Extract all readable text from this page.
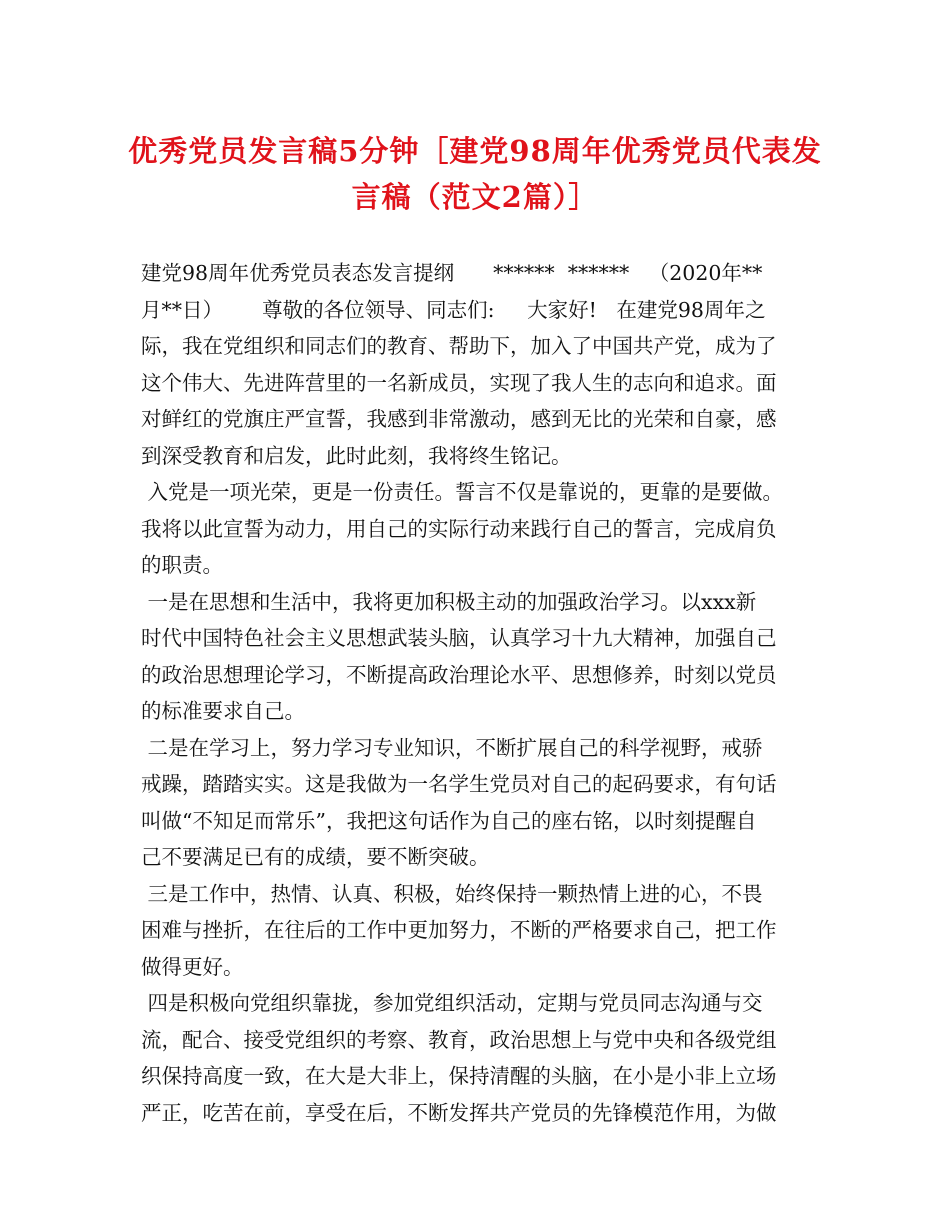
优秀党员发言稿5分钟［建党98周年优秀党员代表发
言稿（范文2篇）］
建党98周年优秀党员表态发言提纲      ******  ******   （2020年**
月**日）      尊敬的各位领导、同志们:     大家好!   在建党98周年之
际，我在党组织和同志们的教育、帮助下，加入了中国共产党，成为了
这个伟大、先进阵营里的一名新成员，实现了我人生的志向和追求。面
对鲜红的党旗庄严宣誓，我感到非常激动，感到无比的光荣和自豪，感
到深受教育和启发，此时此刻，我将终生铭记。
入党是一项光荣，更是一份责任。誓言不仅是靠说的，更靠的是要做。
我将以此宣誓为动力，用自己的实际行动来践行自己的誓言，完成肩负
的职责。
一是在思想和生活中，我将更加积极主动的加强政治学习。以xxx新
时代中国特色社会主义思想武装头脑，认真学习十九大精神，加强自己
的政治思想理论学习，不断提高政治理论水平、思想修养，时刻以党员
的标准要求自己。
二是在学习上，努力学习专业知识，不断扩展自己的科学视野，戒骄
戒躁，踏踏实实。这是我做为一名学生党员对自己的起码要求，有句话
叫做“不知足而常乐”，我把这句话作为自己的座右铭，以时刻提醒自
己不要满足已有的成绩，要不断突破。
三是工作中，热情、认真、积极，始终保持一颗热情上进的心，不畏
困难与挫折，在往后的工作中更加努力，不断的严格要求自己，把工作
做得更好。
四是积极向党组织靠拢，参加党组织活动，定期与党员同志沟通与交
流，配合、接受党组织的考察、教育，政治思想上与党中央和各级党组
织保持高度一致，在大是大非上，保持清醒的头脑，在小是小非上立场
严正，吃苦在前，享受在后，不断发挥共产党员的先锋模范作用，为做
